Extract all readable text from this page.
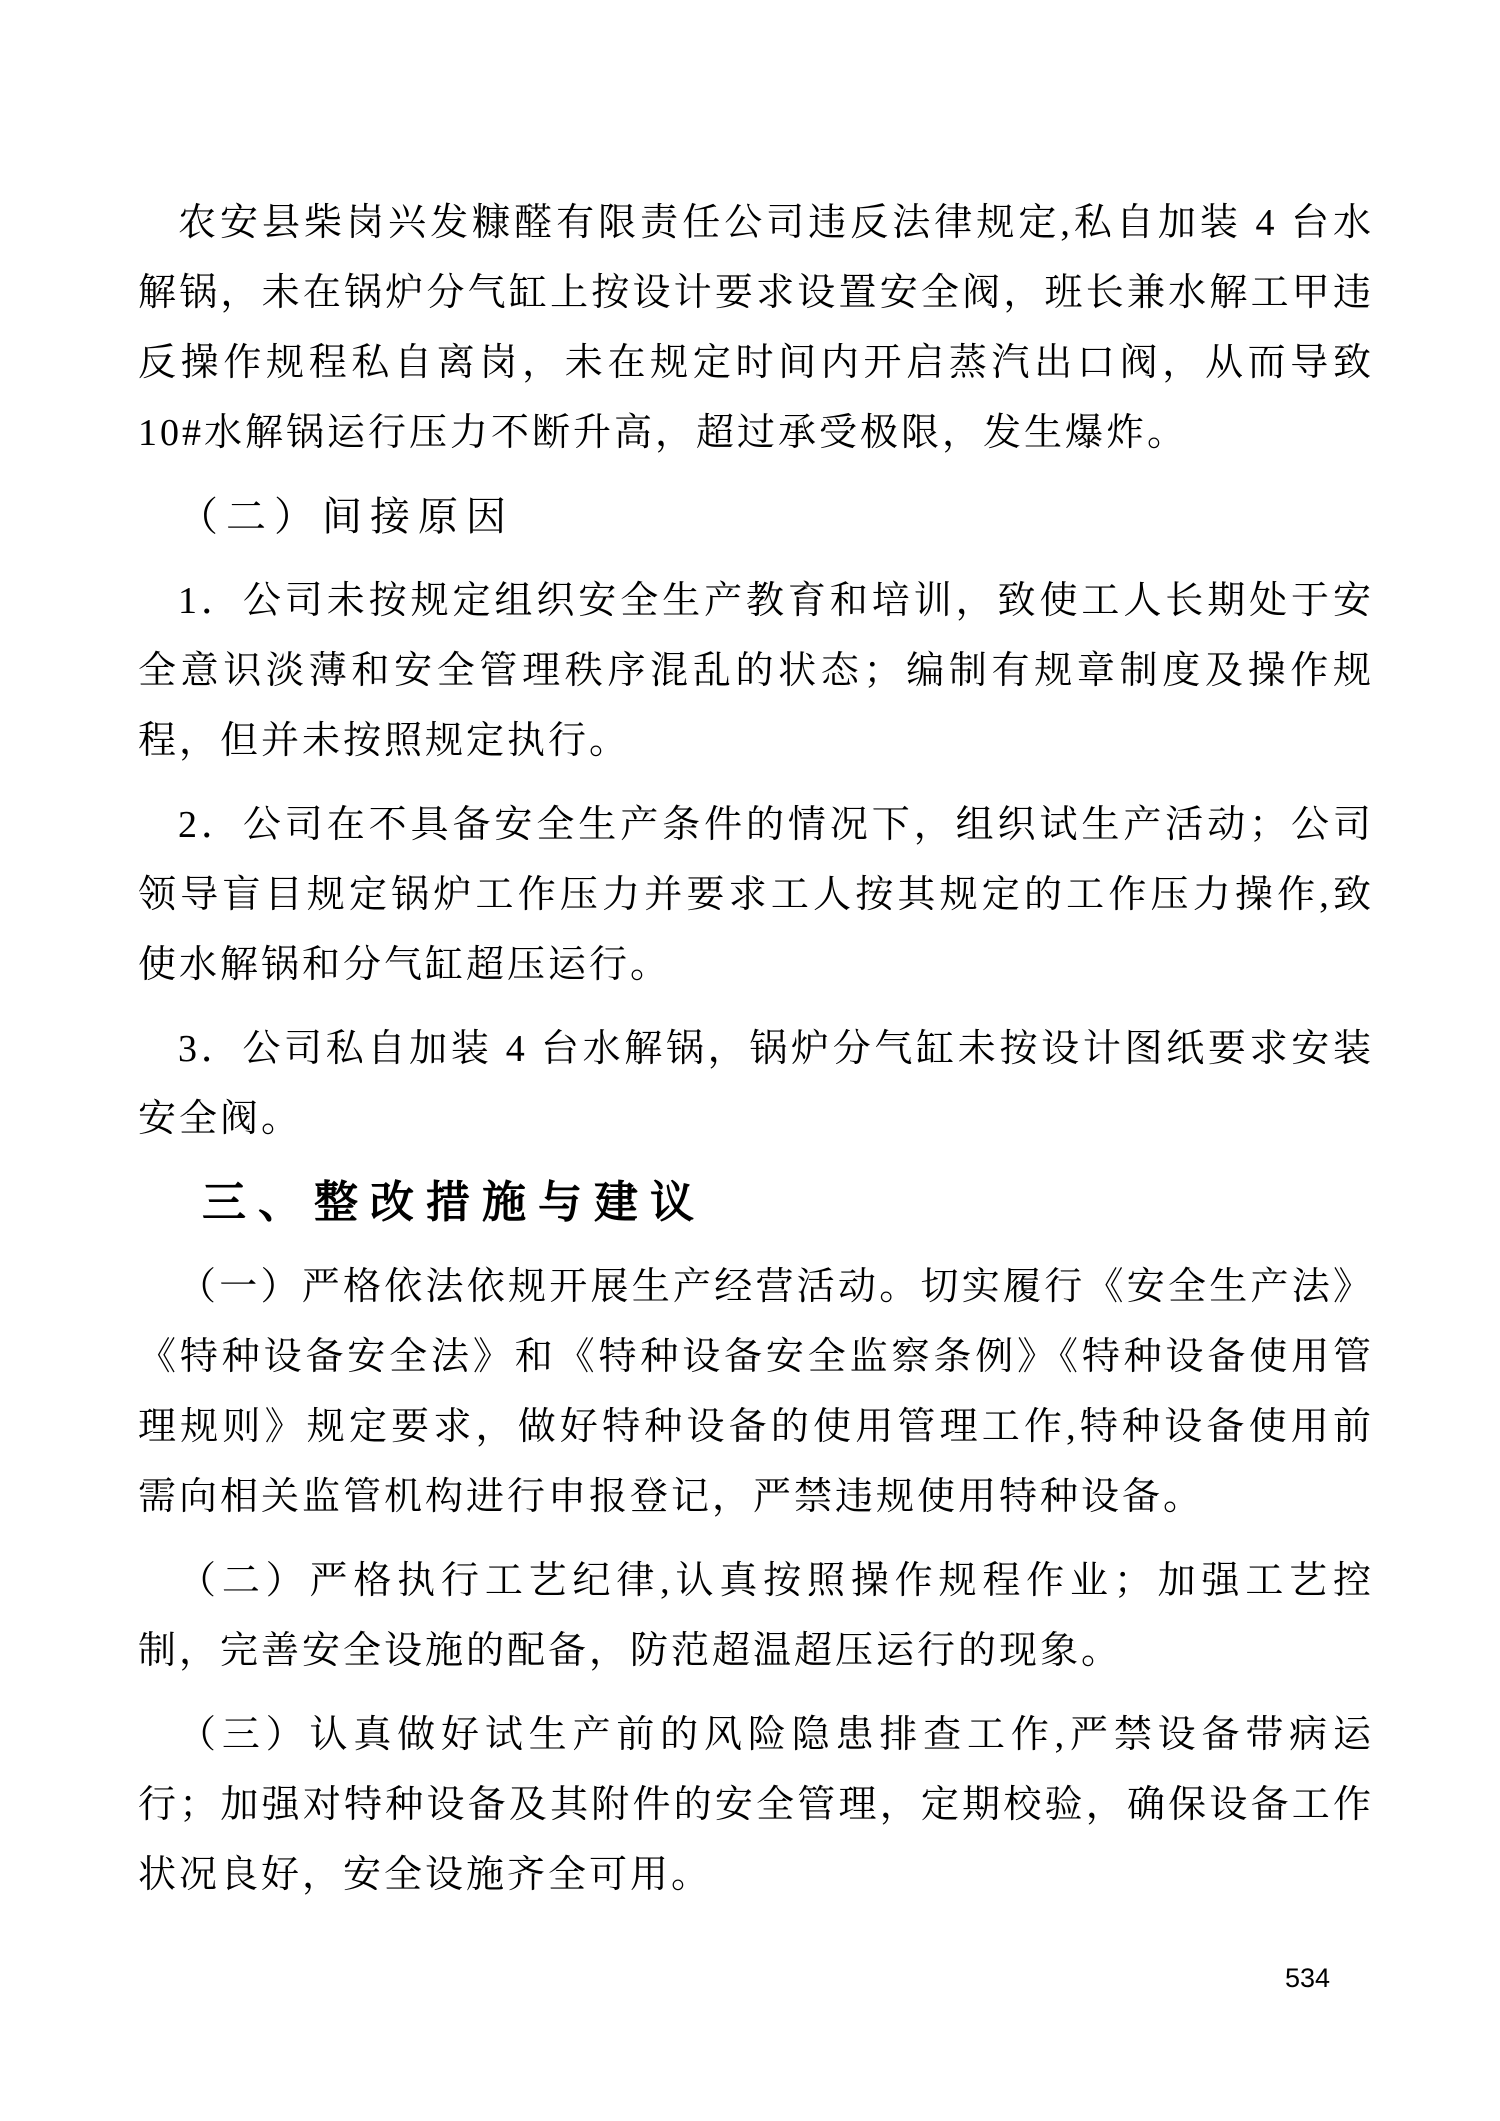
农安县柴岗兴发糠醛有限责任公司违反法律规定,私自加装 4 台水解锅，未在锅炉分气缸上按设计要求设置安全阀，班长兼水解工甲违反操作规程私自离岗，未在规定时间内开启蒸汽出口阀，从而导致 10#水解锅运行压力不断升高，超过承受极限，发生爆炸。

（二）间接原因

1．公司未按规定组织安全生产教育和培训，致使工人长期处于安全意识淡薄和安全管理秩序混乱的状态；编制有规章制度及操作规程，但并未按照规定执行。

2．公司在不具备安全生产条件的情况下，组织试生产活动；公司领导盲目规定锅炉工作压力并要求工人按其规定的工作压力操作,致使水解锅和分气缸超压运行。

3．公司私自加装 4 台水解锅，锅炉分气缸未按设计图纸要求安装安全阀。

三、整改措施与建议

（一）严格依法依规开展生产经营活动。切实履行《安全生产法》《特种设备安全法》和《特种设备安全监察条例》《特种设备使用管理规则》规定要求，做好特种设备的使用管理工作,特种设备使用前需向相关监管机构进行申报登记，严禁违规使用特种设备。

（二）严格执行工艺纪律,认真按照操作规程作业；加强工艺控制，完善安全设施的配备，防范超温超压运行的现象。

（三）认真做好试生产前的风险隐患排查工作,严禁设备带病运行；加强对特种设备及其附件的安全管理，定期校验，确保设备工作状况良好，安全设施齐全可用。

534
